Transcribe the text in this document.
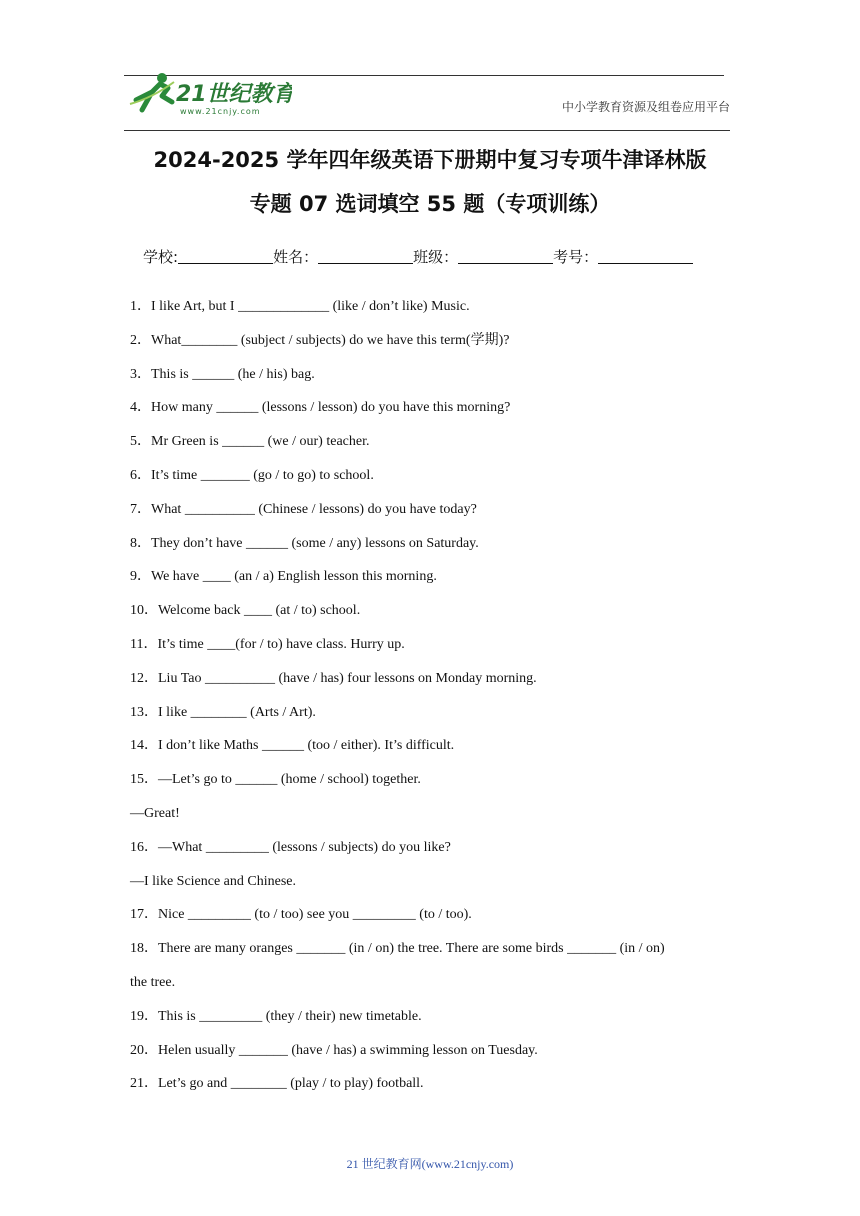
21世纪教育
www.21cnjy.com	中小学教育资源及组卷应用平台
2024-2025 学年四年级英语下册期中复习专项牛津译林版
专题 07 选词填空 55 题（专项训练）
学校:	姓名：	班级：	考号：
1．I like Art, but I _____________ (like / don’t like) Music.
2．What________ (subject / subjects) do we have this term(学期)?
3．This is ______ (he / his) bag.
4．How many ______ (lessons / lesson) do you have this morning?
5．Mr Green is ______ (we / our) teacher.
6．It’s time _______ (go / to go) to school.
7．What __________ (Chinese / lessons) do you have today?
8．They don’t have ______ (some / any) lessons on Saturday.
9．We have ____ (an / a) English lesson this morning.
10．Welcome back ____ (at / to) school.
11．It’s time ____(for / to) have class. Hurry up.
12．Liu Tao __________ (have / has) four lessons on Monday morning.
13．I like ________ (Arts / Art).
14．I don’t like Maths ______ (too / either). It’s difficult.
15．—Let’s go to ______ (home / school) together.
—Great!
16．—What _________ (lessons / subjects) do you like?
—I like Science and Chinese.
17．Nice _________ (to / too) see you _________ (to / too).
18．There are many oranges _______ (in / on) the tree. There are some birds _______ (in / on)
the tree.
19．This is _________ (they / their) new timetable.
20．Helen usually _______ (have / has) a swimming lesson on Tuesday.
21．Let’s go and ________ (play / to play) football.
21 世纪教育网(www.21cnjy.com)
